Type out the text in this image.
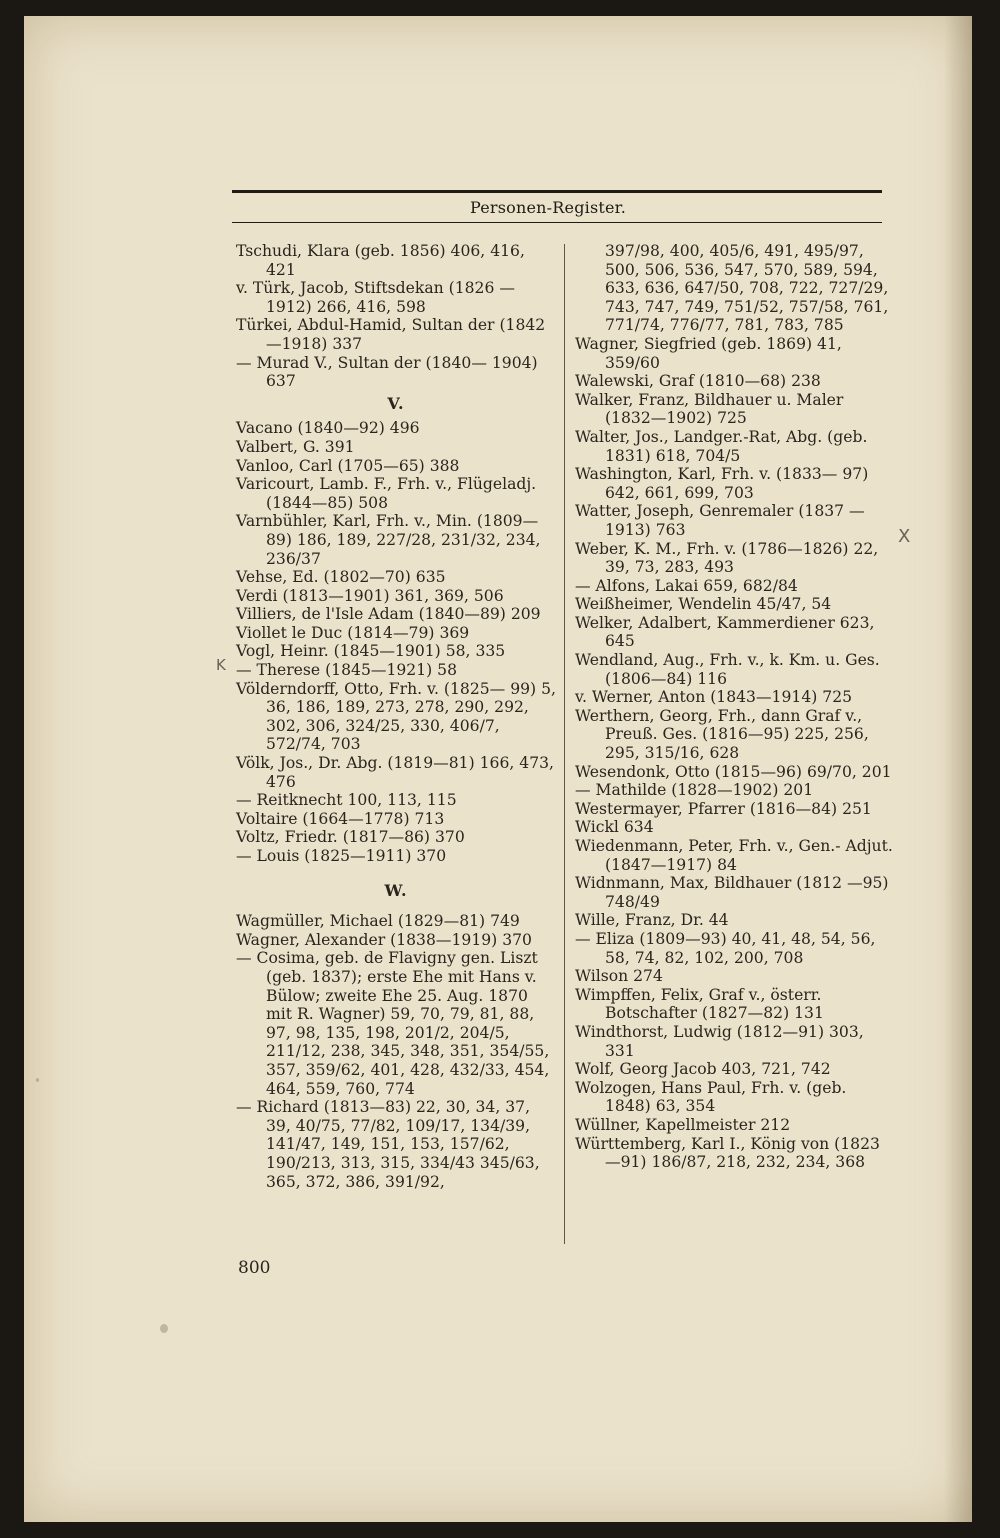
Personen-Register.
Tschudi, Klara (geb. 1856) 406, 416, 421
v. Türk, Jacob, Stiftsdekan (1826 —1912) 266, 416, 598
Türkei, Abdul-Hamid, Sultan der (1842—1918) 337
— Murad V., Sultan der (1840— 1904) 637
V.
Vacano (1840—92) 496
Valbert, G. 391
Vanloo, Carl (1705—65) 388
Varicourt, Lamb. F., Frh. v., Flügeladj. (1844—85) 508
Varnbühler, Karl, Frh. v., Min. (1809—89) 186, 189, 227/28, 231/32, 234, 236/37
Vehse, Ed. (1802—70) 635
Verdi (1813—1901) 361, 369, 506
Villiers, de l'Isle Adam (1840—89) 209
Viollet le Duc (1814—79) 369
Vogl, Heinr. (1845—1901) 58, 335
— Therese (1845—1921) 58
Völderndorff, Otto, Frh. v. (1825— 99) 5, 36, 186, 189, 273, 278, 290, 292, 302, 306, 324/25, 330, 406/7, 572/74, 703
Völk, Jos., Dr. Abg. (1819—81) 166, 473, 476
— Reitknecht 100, 113, 115
Voltaire (1664—1778) 713
Voltz, Friedr. (1817—86) 370
— Louis (1825—1911) 370
W.
Wagmüller, Michael (1829—81) 749
Wagner, Alexander (1838—1919) 370
— Cosima, geb. de Flavigny gen. Liszt (geb. 1837); erste Ehe mit Hans v. Bülow; zweite Ehe 25. Aug. 1870 mit R. Wagner) 59, 70, 79, 81, 88, 97, 98, 135, 198, 201/2, 204/5, 211/12, 238, 345, 348, 351, 354/55, 357, 359/62, 401, 428, 432/33, 454, 464, 559, 760, 774
— Richard (1813—83) 22, 30, 34, 37, 39, 40/75, 77/82, 109/17, 134/39, 141/47, 149, 151, 153, 157/62, 190/213, 313, 315, 334/43 345/63, 365, 372, 386, 391/92,
397/98, 400, 405/6, 491, 495/97, 500, 506, 536, 547, 570, 589, 594, 633, 636, 647/50, 708, 722, 727/29, 743, 747, 749, 751/52, 757/58, 761, 771/74, 776/77, 781, 783, 785
Wagner, Siegfried (geb. 1869) 41, 359/60
Walewski, Graf (1810—68) 238
Walker, Franz, Bildhauer u. Maler (1832—1902) 725
Walter, Jos., Landger.-Rat, Abg. (geb. 1831) 618, 704/5
Washington, Karl, Frh. v. (1833— 97) 642, 661, 699, 703
Watter, Joseph, Genremaler (1837 —1913) 763
Weber, K. M., Frh. v. (1786—1826) 22, 39, 73, 283, 493
— Alfons, Lakai 659, 682/84
Weißheimer, Wendelin 45/47, 54
Welker, Adalbert, Kammerdiener 623, 645
Wendland, Aug., Frh. v., k. Km. u. Ges. (1806—84) 116
v. Werner, Anton (1843—1914) 725
Werthern, Georg, Frh., dann Graf v., Preuß. Ges. (1816—95) 225, 256, 295, 315/16, 628
Wesendonk, Otto (1815—96) 69/70, 201
— Mathilde (1828—1902) 201
Westermayer, Pfarrer (1816—84) 251
Wickl 634
Wiedenmann, Peter, Frh. v., Gen.- Adjut. (1847—1917) 84
Widnmann, Max, Bildhauer (1812 —95) 748/49
Wille, Franz, Dr. 44
— Eliza (1809—93) 40, 41, 48, 54, 56, 58, 74, 82, 102, 200, 708
Wilson 274
Wimpffen, Felix, Graf v., österr. Botschafter (1827—82) 131
Windthorst, Ludwig (1812—91) 303, 331
Wolf, Georg Jacob 403, 721, 742
Wolzogen, Hans Paul, Frh. v. (geb. 1848) 63, 354
Wüllner, Kapellmeister 212
Württemberg, Karl I., König von (1823—91) 186/87, 218, 232, 234, 368
800
X
K
